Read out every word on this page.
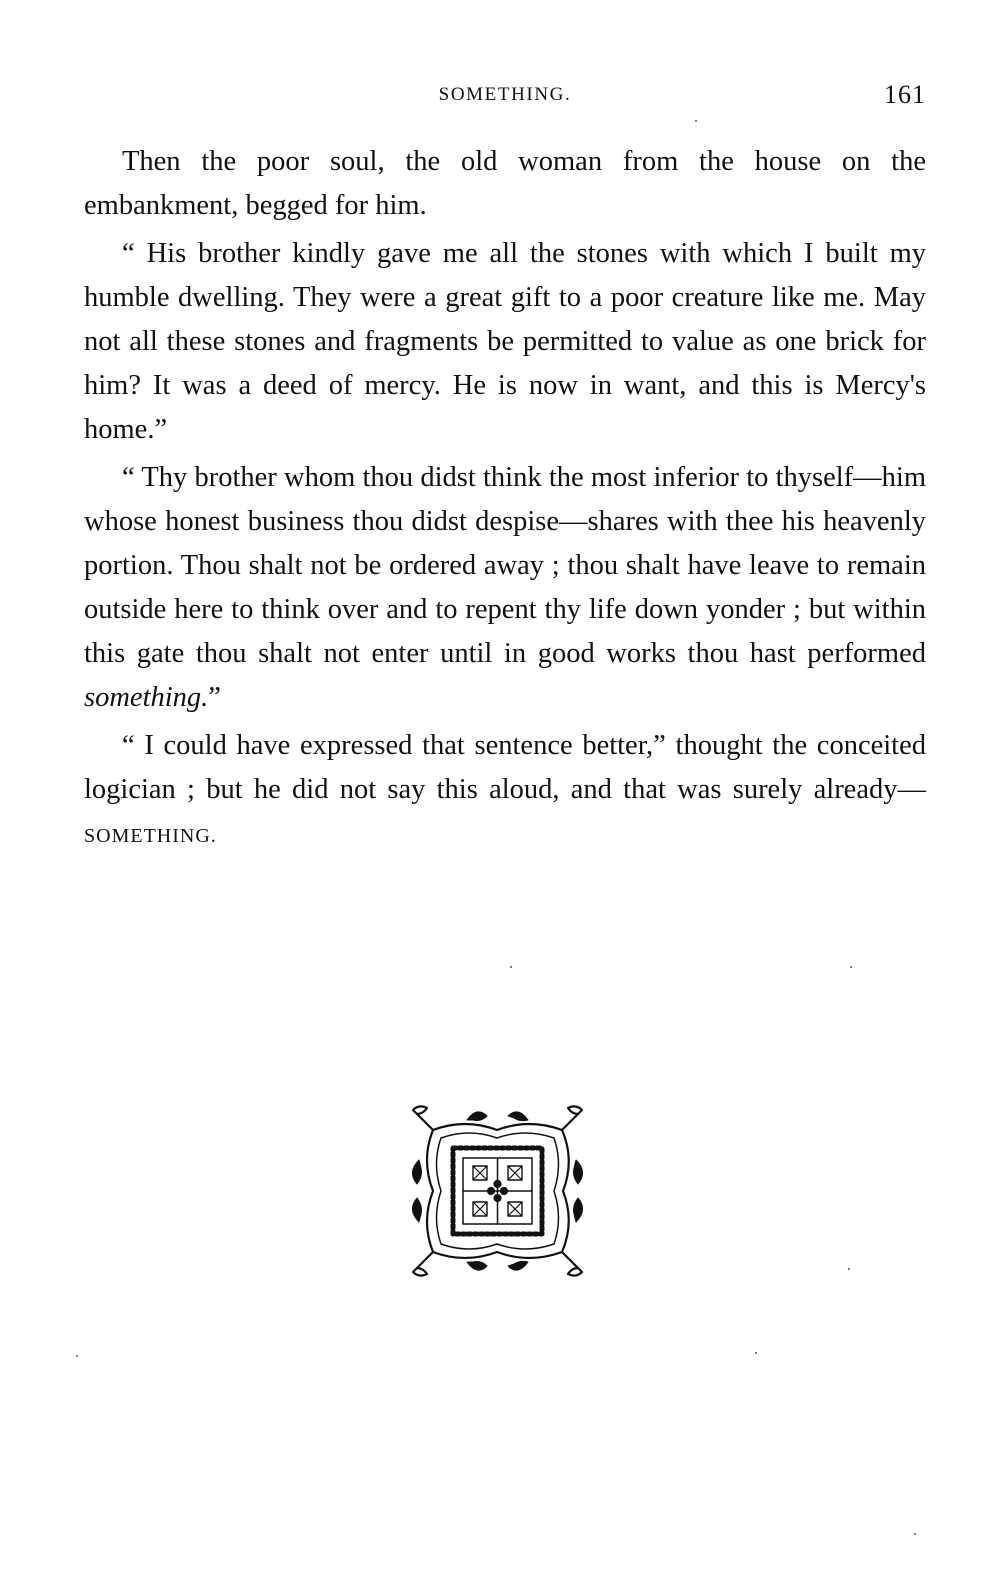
SOMETHING.	161

Then the poor soul, the old woman from the house on the embankment, begged for him.

“ His brother kindly gave me all the stones with which I built my humble dwelling. They were a great gift to a poor creature like me. May not all these stones and fragments be permitted to value as one brick for him? It was a deed of mercy. He is now in want, and this is Mercy's home.”

“ Thy brother whom thou didst think the most inferior to thyself—him whose honest business thou didst despise—shares with thee his heavenly portion. Thou shalt not be ordered away ; thou shalt have leave to remain outside here to think over and to repent thy life down yonder ; but within this gate thou shalt not enter until in good works thou hast performed something.”

“ I could have expressed that sentence better,” thought the conceited logician ; but he did not say this aloud, and that was surely already—SOMETHING.
